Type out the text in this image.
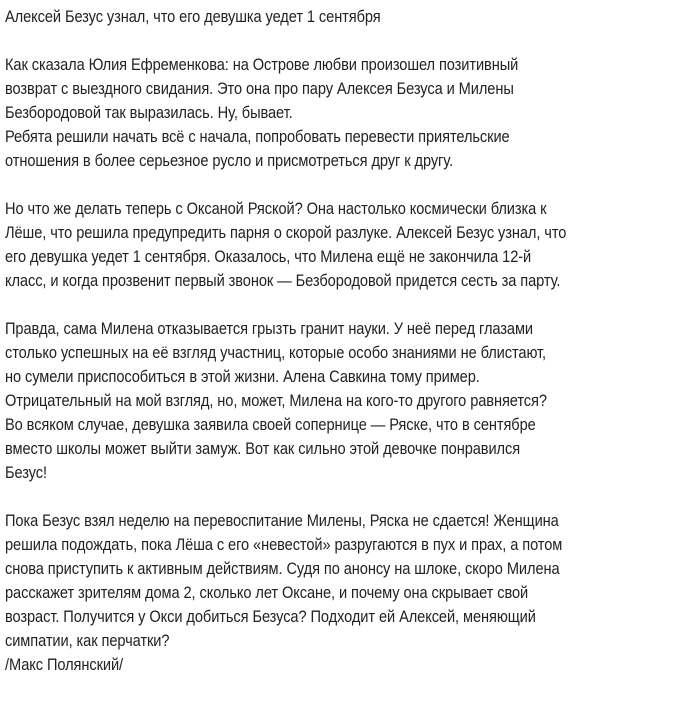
Алексей Безус узнал, что его девушка уедет 1 сентября
Как сказала Юлия Ефременкова: на Острове любви произошел позитивный
возврат с выездного свидания. Это она про пару Алексея Безуса и Милены
Безбородовой так выразилась. Ну, бывает.
Ребята решили начать всё с начала, попробовать перевести приятельские
отношения в более серьезное русло и присмотреться друг к другу.
Но что же делать теперь с Оксаной Ряской? Она настолько космически близка к
Лёше, что решила предупредить парня о скорой разлуке. Алексей Безус узнал, что
его девушка уедет 1 сентября. Оказалось, что Милена ещё не закончила 12-й
класс, и когда прозвенит первый звонок — Безбородовой придется сесть за парту.
Правда, сама Милена отказывается грызть гранит науки. У неё перед глазами
столько успешных на её взгляд участниц, которые особо знаниями не блистают,
но сумели приспособиться в этой жизни. Алена Савкина тому пример.
Отрицательный на мой взгляд, но, может, Милена на кого-то другого равняется?
Во всяком случае, девушка заявила своей сопернице — Ряске, что в сентябре
вместо школы может выйти замуж. Вот как сильно этой девочке понравился
Безус!
Пока Безус взял неделю на перевоспитание Милены, Ряска не сдается! Женщина
решила подождать, пока Лёша с его «невестой» разругаются в пух и прах, а потом
снова приступить к активным действиям. Судя по анонсу на шлоке, скоро Милена
расскажет зрителям дома 2, сколько лет Оксане, и почему она скрывает свой
возраст. Получится у Окси добиться Безуса? Подходит ей Алексей, меняющий
симпатии, как перчатки?
/Макс Полянский/
